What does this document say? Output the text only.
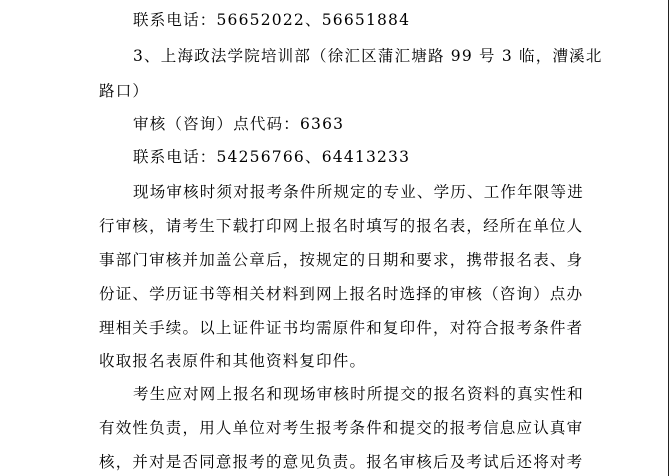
联系电话：56652022、56651884
3、上海政法学院培训部（徐汇区蒲汇塘路 99 号 3 临，漕溪北
路口）
审核（咨询）点代码：6363
联系电话：54256766、64413233
现场审核时须对报考条件所规定的专业、学历、工作年限等进
行审核，请考生下载打印网上报名时填写的报名表，经所在单位人
事部门审核并加盖公章后，按规定的日期和要求，携带报名表、身
份证、学历证书等相关材料到网上报名时选择的审核（咨询）点办
理相关手续。以上证件证书均需原件和复印件，对符合报考条件者
收取报名表原件和其他资料复印件。
考生应对网上报名和现场审核时所提交的报名资料的真实性和
有效性负责，用人单位对考生报考条件和提交的报考信息应认真审
核，并对是否同意报考的意见负责。报名审核后及考试后还将对考
